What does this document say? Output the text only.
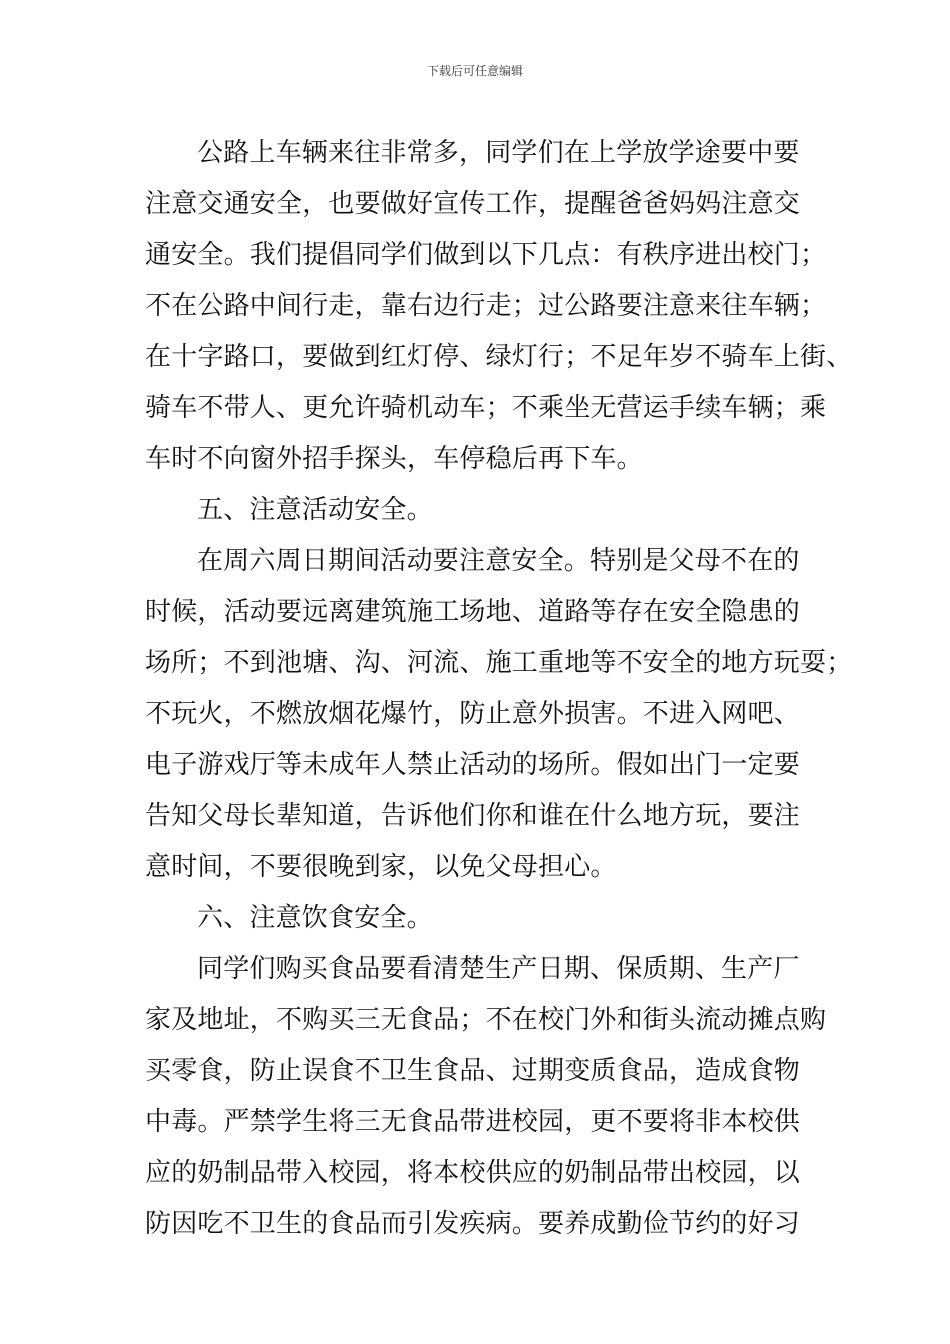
下载后可任意编辑
公路上车辆来往非常多，同学们在上学放学途要中要
注意交通安全，也要做好宣传工作，提醒爸爸妈妈注意交
通安全。我们提倡同学们做到以下几点：有秩序进出校门；
不在公路中间行走，靠右边行走；过公路要注意来往车辆；
在十字路口，要做到红灯停、绿灯行；不足年岁不骑车上街、
骑车不带人、更允许骑机动车；不乘坐无营运手续车辆；乘
车时不向窗外招手探头，车停稳后再下车。
五、注意活动安全。
在周六周日期间活动要注意安全。特别是父母不在的
时候，活动要远离建筑施工场地、道路等存在安全隐患的
场所；不到池塘、沟、河流、施工重地等不安全的地方玩耍；
不玩火，不燃放烟花爆竹，防止意外损害。不进入网吧、
电子游戏厅等未成年人禁止活动的场所。假如出门一定要
告知父母长辈知道，告诉他们你和谁在什么地方玩，要注
意时间，不要很晚到家，以免父母担心。
六、注意饮食安全。
同学们购买食品要看清楚生产日期、保质期、生产厂
家及地址，不购买三无食品；不在校门外和街头流动摊点购
买零食，防止误食不卫生食品、过期变质食品，造成食物
中毒。严禁学生将三无食品带进校园，更不要将非本校供
应的奶制品带入校园，将本校供应的奶制品带出校园，以
防因吃不卫生的食品而引发疾病。要养成勤俭节约的好习
